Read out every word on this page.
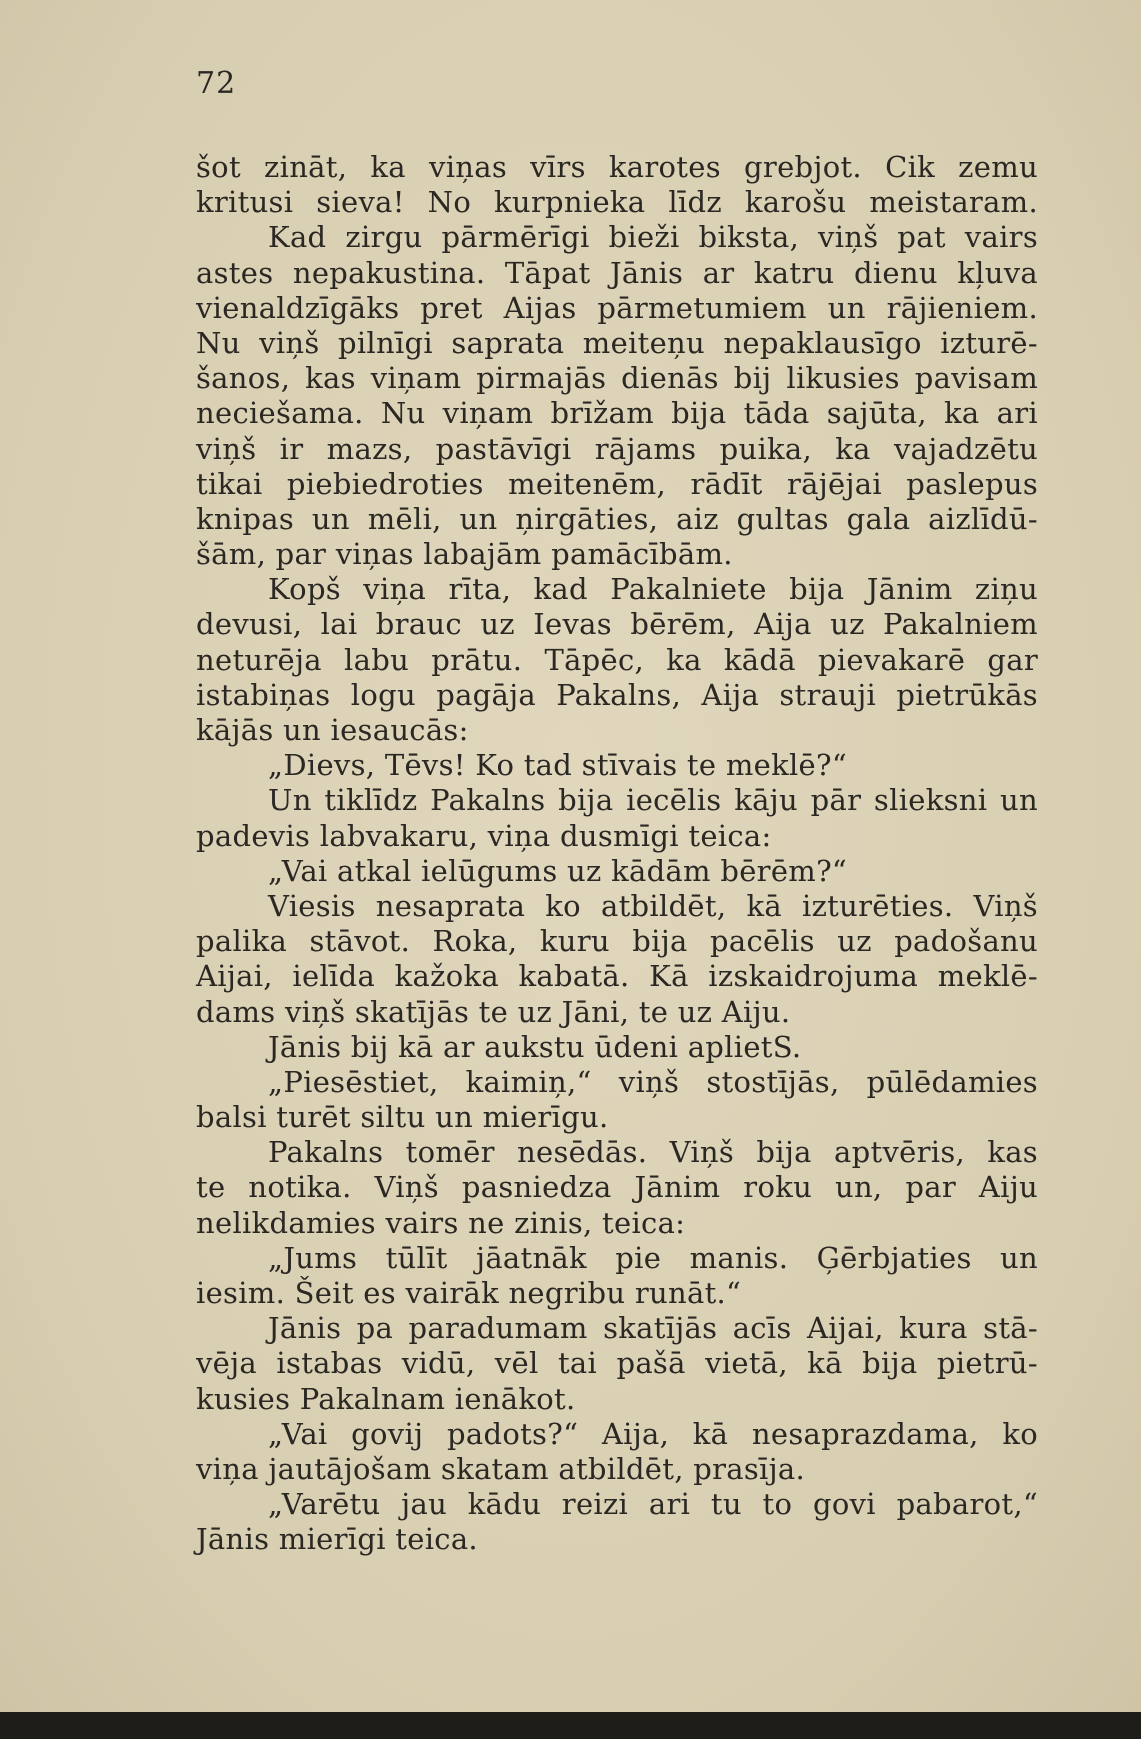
72
šot zināt, ka viņas vīrs karotes grebjot. Cik zemu
kritusi sieva! No kurpnieka līdz karošu meistaram.
Kad zirgu pārmērīgi bieži biksta, viņš pat vairs
astes nepakustina. Tāpat Jānis ar katru dienu kļuva
vienaldzīgāks pret Aijas pārmetumiem un rājieniem.
Nu viņš pilnīgi saprata meiteņu nepaklausīgo izturē-
šanos, kas viņam pirmajās dienās bij likusies pavisam
neciešama. Nu viņam brīžam bija tāda sajūta, ka ari
viņš ir mazs, pastāvīgi rājams puika, ka vajadzētu
tikai piebiedroties meitenēm, rādīt rājējai paslepus
knipas un mēli, un ņirgāties, aiz gultas gala aizlīdū-
šām, par viņas labajām pamācībām.
Kopš viņa rīta, kad Pakalniete bija Jānim ziņu
devusi, lai brauc uz Ievas bērēm, Aija uz Pakalniem
neturēja labu prātu. Tāpēc, ka kādā pievakarē gar
istabiņas logu pagāja Pakalns, Aija strauji pietrūkās
kājās un iesaucās:
„Dievs, Tēvs! Ko tad stīvais te meklē?“
Un tiklīdz Pakalns bija iecēlis kāju pār slieksni un
padevis labvakaru, viņa dusmīgi teica:
„Vai atkal ielūgums uz kādām bērēm?“
Viesis nesaprata ko atbildēt, kā izturēties. Viņš
palika stāvot. Roka, kuru bija pacēlis uz padošanu
Aijai, ielīda kažoka kabatā. Kā izskaidrojuma meklē-
dams viņš skatījās te uz Jāni, te uz Aiju.
Jānis bij kā ar aukstu ūdeni aplietS.
„Piesēstiet, kaimiņ,“ viņš stostījās, pūlēdamies
balsi turēt siltu un mierīgu.
Pakalns tomēr nesēdās. Viņš bija aptvēris, kas
te notika. Viņš pasniedza Jānim roku un, par Aiju
nelikdamies vairs ne zinis, teica:
„Jums tūlīt jāatnāk pie manis. Ģērbjaties un
iesim. Šeit es vairāk negribu runāt.“
Jānis pa paradumam skatījās acīs Aijai, kura stā-
vēja istabas vidū, vēl tai pašā vietā, kā bija pietrū-
kusies Pakalnam ienākot.
„Vai govij padots?“ Aija, kā nesaprazdama, ko
viņa jautājošam skatam atbildēt, prasīja.
„Varētu jau kādu reizi ari tu to govi pabarot,“
Jānis mierīgi teica.
